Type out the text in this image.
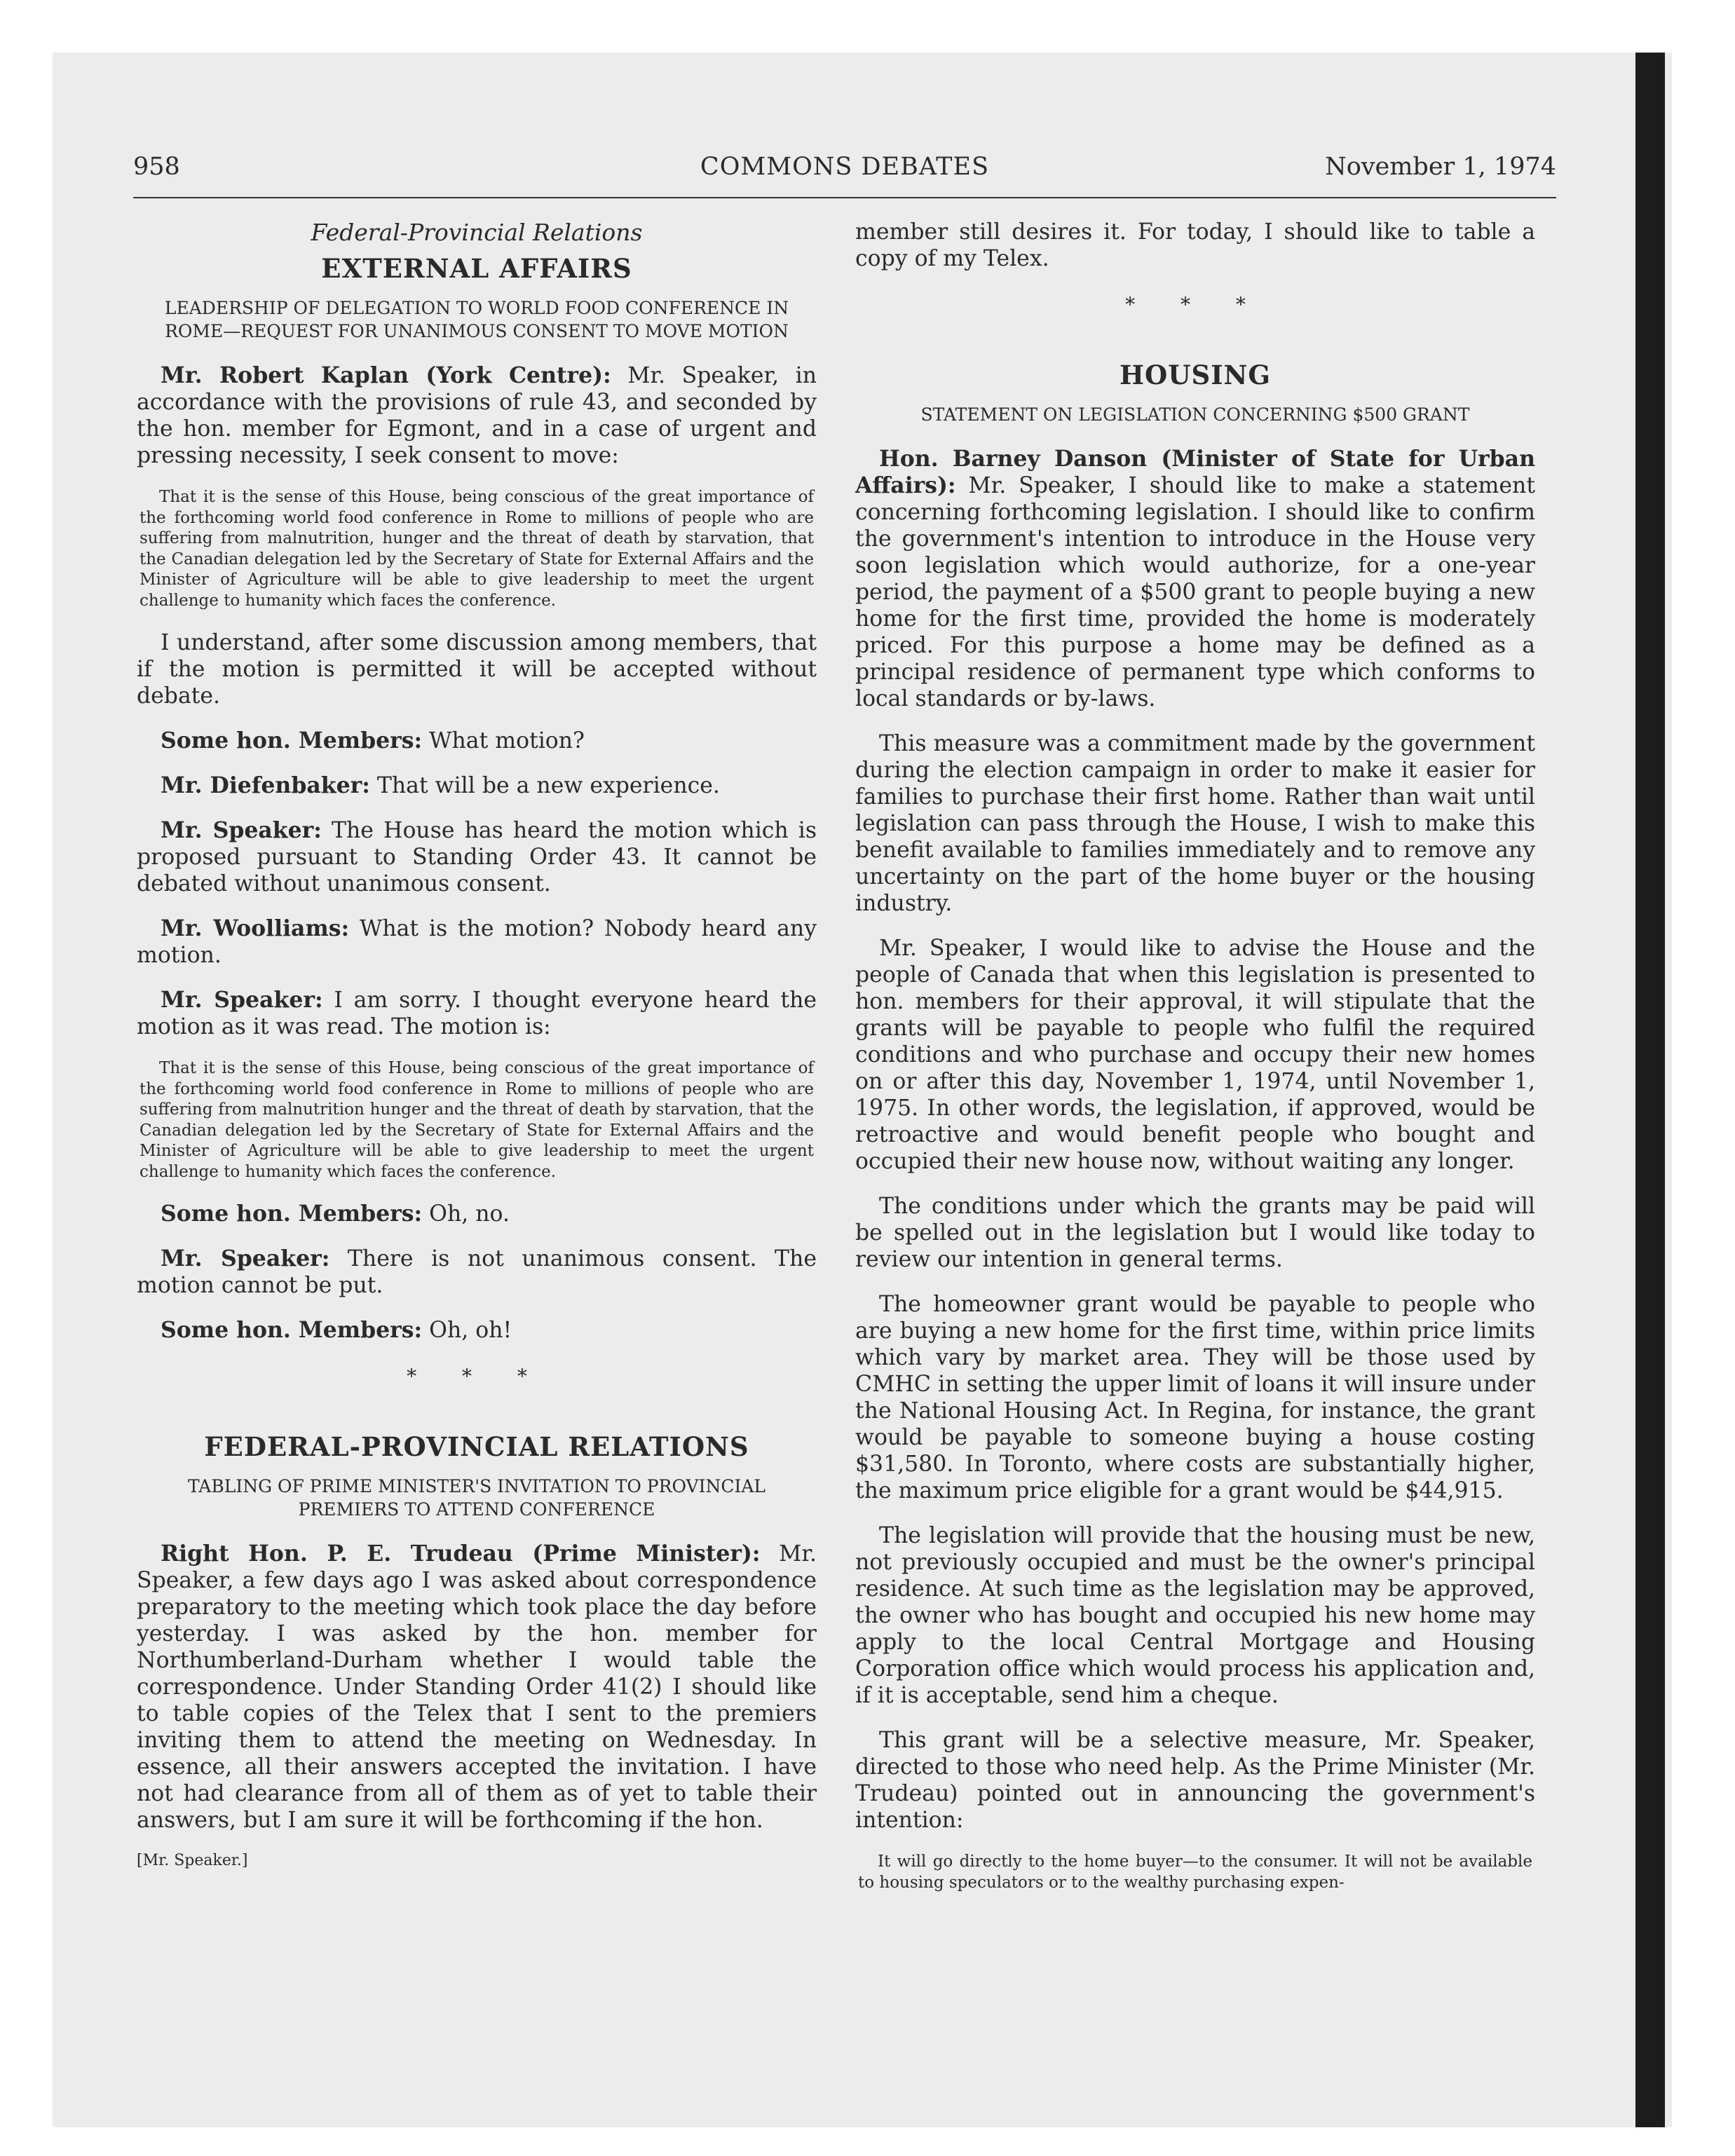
958	COMMONS DEBATES	November 1, 1974
Federal-Provincial Relations
EXTERNAL AFFAIRS
LEADERSHIP OF DELEGATION TO WORLD FOOD CONFERENCE IN ROME—REQUEST FOR UNANIMOUS CONSENT TO MOVE MOTION

Mr. Robert Kaplan (York Centre): Mr. Speaker, in accordance with the provisions of rule 43, and seconded by the hon. member for Egmont, and in a case of urgent and pressing necessity, I seek consent to move:

That it is the sense of this House, being conscious of the great importance of the forthcoming world food conference in Rome to millions of people who are suffering from malnutrition, hunger and the threat of death by starvation, that the Canadian delegation led by the Secretary of State for External Affairs and the Minister of Agriculture will be able to give leadership to meet the urgent challenge to humanity which faces the conference.

I understand, after some discussion among members, that if the motion is permitted it will be accepted without debate.

Some hon. Members: What motion?

Mr. Diefenbaker: That will be a new experience.

Mr. Speaker: The House has heard the motion which is proposed pursuant to Standing Order 43. It cannot be debated without unanimous consent.

Mr. Woolliams: What is the motion? Nobody heard any motion.

Mr. Speaker: I am sorry. I thought everyone heard the motion as it was read. The motion is:

That it is the sense of this House, being conscious of the great importance of the forthcoming world food conference in Rome to millions of people who are suffering from malnutrition hunger and the threat of death by starvation, that the Canadian delegation led by the Secretary of State for External Affairs and the Minister of Agriculture will be able to give leadership to meet the urgent challenge to humanity which faces the conference.

Some hon. Members: Oh, no.

Mr. Speaker: There is not unanimous consent. The motion cannot be put.

Some hon. Members: Oh, oh!

* * *
FEDERAL-PROVINCIAL RELATIONS
TABLING OF PRIME MINISTER'S INVITATION TO PROVINCIAL PREMIERS TO ATTEND CONFERENCE

Right Hon. P. E. Trudeau (Prime Minister): Mr. Speaker, a few days ago I was asked about correspondence preparatory to the meeting which took place the day before yesterday. I was asked by the hon. member for Northumberland-Durham whether I would table the correspondence. Under Standing Order 41(2) I should like to table copies of the Telex that I sent to the premiers inviting them to attend the meeting on Wednesday. In essence, all their answers accepted the invitation. I have not had clearance from all of them as of yet to table their answers, but I am sure it will be forthcoming if the hon.

[Mr. Speaker.]

member still desires it. For today, I should like to table a copy of my Telex.

* * *
HOUSING
STATEMENT ON LEGISLATION CONCERNING $500 GRANT

Hon. Barney Danson (Minister of State for Urban Affairs): Mr. Speaker, I should like to make a statement concerning forthcoming legislation. I should like to confirm the government's intention to introduce in the House very soon legislation which would authorize, for a one-year period, the payment of a $500 grant to people buying a new home for the first time, provided the home is moderately priced. For this purpose a home may be defined as a principal residence of permanent type which conforms to local standards or by-laws.

This measure was a commitment made by the government during the election campaign in order to make it easier for families to purchase their first home. Rather than wait until legislation can pass through the House, I wish to make this benefit available to families immediately and to remove any uncertainty on the part of the home buyer or the housing industry.

Mr. Speaker, I would like to advise the House and the people of Canada that when this legislation is presented to hon. members for their approval, it will stipulate that the grants will be payable to people who fulfil the required conditions and who purchase and occupy their new homes on or after this day, November 1, 1974, until November 1, 1975. In other words, the legislation, if approved, would be retroactive and would benefit people who bought and occupied their new house now, without waiting any longer.

The conditions under which the grants may be paid will be spelled out in the legislation but I would like today to review our intention in general terms.

The homeowner grant would be payable to people who are buying a new home for the first time, within price limits which vary by market area. They will be those used by CMHC in setting the upper limit of loans it will insure under the National Housing Act. In Regina, for instance, the grant would be payable to someone buying a house costing $31,580. In Toronto, where costs are substantially higher, the maximum price eligible for a grant would be $44,915.

The legislation will provide that the housing must be new, not previously occupied and must be the owner's principal residence. At such time as the legislation may be approved, the owner who has bought and occupied his new home may apply to the local Central Mortgage and Housing Corporation office which would process his application and, if it is acceptable, send him a cheque.

This grant will be a selective measure, Mr. Speaker, directed to those who need help. As the Prime Minister (Mr. Trudeau) pointed out in announcing the government's intention:

It will go directly to the home buyer—to the consumer. It will not be available to housing speculators or to the wealthy purchasing expen-
